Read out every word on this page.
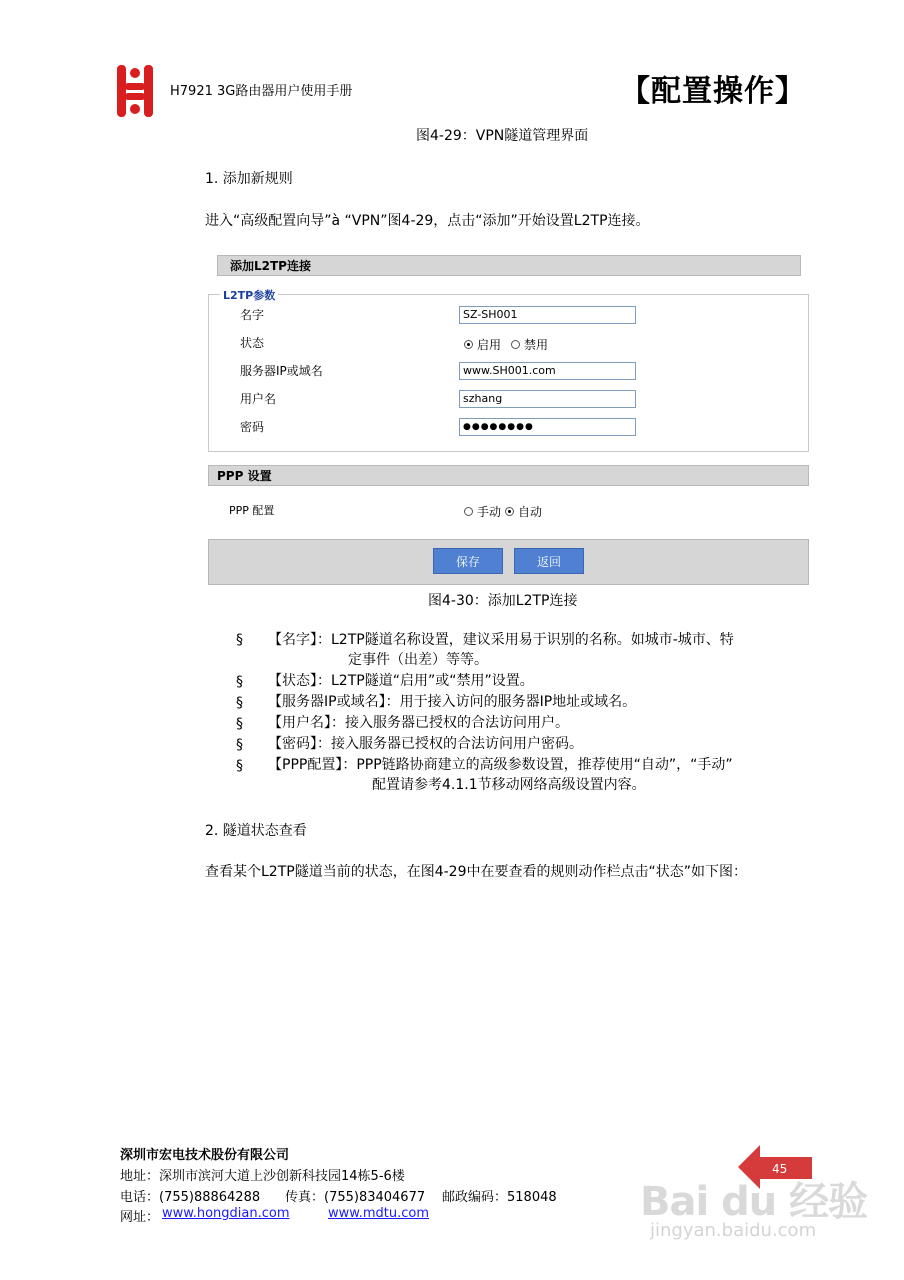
H7921 3G路由器用户使用手册	【配置操作】
图4-29：VPN隧道管理界面
1. 添加新规则
进入“高级配置向导”à “VPN”图4-29，点击“添加”开始设置L2TP连接。
添加L2TP连接
L2TP参数
名字	SZ-SH001
状态	启用 禁用
服务器IP或域名	www.SH001.com
用户名	szhang
密码	●●●●●●●●
PPP 设置
PPP 配置	手动 自动
保存	返回
图4-30：添加L2TP连接
§ 【名字】：L2TP隧道名称设置，建议采用易于识别的名称。如城市-城市、特
定事件（出差）等等。
§ 【状态】：L2TP隧道“启用”或“禁用”设置。
§ 【服务器IP或域名】：用于接入访问的服务器IP地址或域名。
§ 【用户名】：接入服务器已授权的合法访问用户。
§ 【密码】：接入服务器已授权的合法访问用户密码。
§ 【PPP配置】：PPP链路协商建立的高级参数设置，推荐使用“自动”，“手动”
配置请参考4.1.1节移动网络高级设置内容。
2. 隧道状态查看
查看某个L2TP隧道当前的状态，在图4-29中在要查看的规则动作栏点击“状态”如下图：
深圳市宏电技术股份有限公司
地址：深圳市滨河大道上沙创新科技园14栋5-6楼
电话：(755)88864288 传真：(755)83404677 邮政编码：518048
网址： www.hongdian.com	www.mdtu.com
45
Bai du 经验
jingyan.baidu.com
